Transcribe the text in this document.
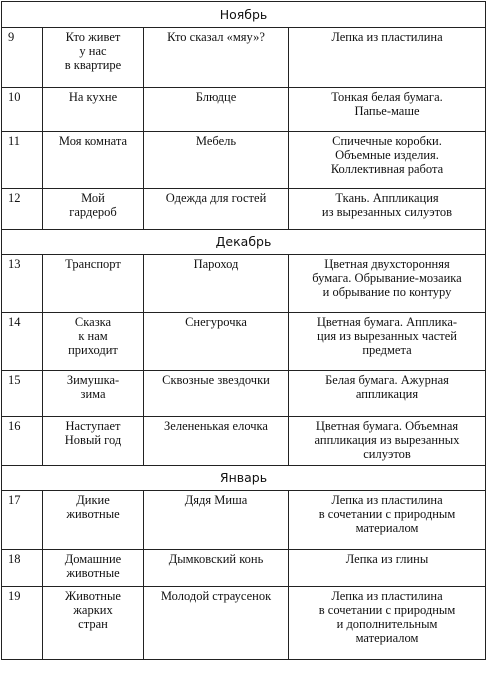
Ноябрь			
9	Кто живет
у нас
в квартире	Кто сказал «мяу»?	Лепка из пластилина

10	На кухне	Блюдце	Тонкая белая бумага.
Папье-маше

11	Моя комната	Мебель	Спичечные коробки.
Объемные изделия.
Коллективная работа

12	Мой
гардероб	Одежда для гостей	Ткань. Аппликация
из вырезанных силуэтов

Декабрь			
13	Транспорт	Пароход	Цветная двухсторонняя
бумага. Обрывание-мозаика
и обрывание по контуру

14	Сказка
к нам
приходит	Снегурочка	Цветная бумага. Апплика-
ция из вырезанных частей
предмета

15	Зимушка-
зима	Сквозные звездочки	Белая бумага. Ажурная
аппликация

16	Наступает
Новый год	Зелененькая елочка	Цветная бумага. Объемная
аппликация из вырезанных
силуэтов

Январь			
17	Дикие
животные	Дядя Миша	Лепка из пластилина
в сочетании с природным
материалом

18	Домашние
животные	Дымковский конь	Лепка из глины

19	Животные
жарких
стран	Молодой страусенок	Лепка из пластилина
в сочетании с природным
и дополнительным
материалом
